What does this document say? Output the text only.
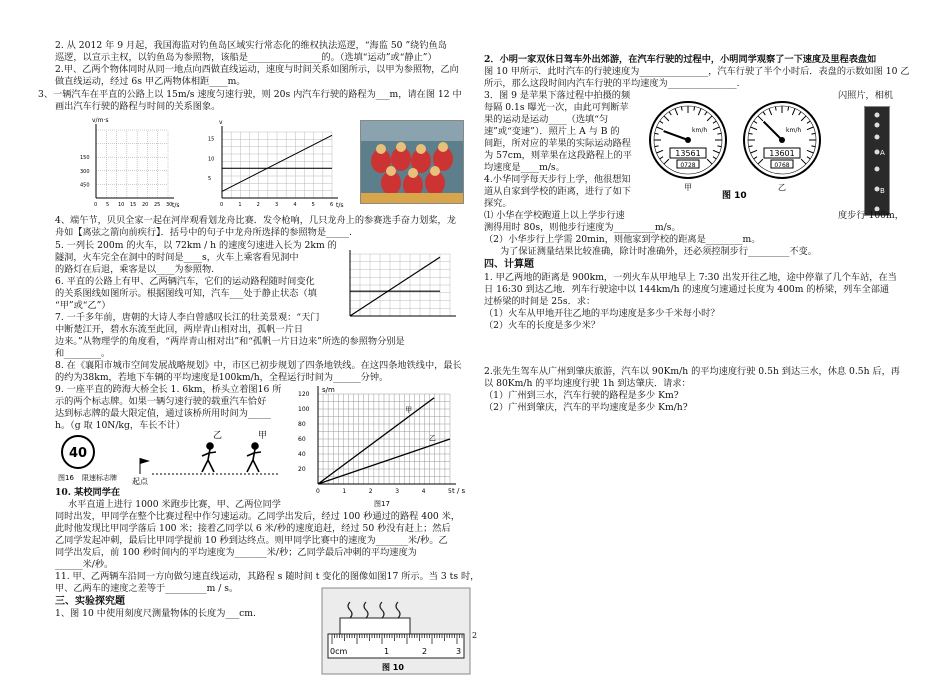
2. 从 2012 年 9 月起，我国海监对钓鱼岛区域实行常态化的维权执法巡逻，“海监 50 ”绕钓鱼岛
巡逻，以宣示主权，以钓鱼岛为参照物，该船是________________的。（选填“运动”或“静止”）
2.甲、乙两个物体同时从同一地点向西做直线运动，速度与时间关系如图所示，以甲为参照物，乙向
做直线运动，经过 6s 甲乙两物体相距____m。
3、一辆汽车在平直的公路上以 15m/s 速度匀速行驶，则 20s 内汽车行驶的路程为___m，请在图 12 中
画出汽车行驶的路程与时间的关系图象。
t/s
v/m·s
450
300
150
0 5 10 15 20 25 30	t/s
v
15
10
5
0	1	2	3	4	5	6
4、端午节，贝贝全家一起在河岸观看划龙舟比赛．发令枪响，几只龙舟上的参赛选手奋力划桨，龙
舟如【离弦之箭向前疾行】．括号中的句子中龙舟所选择的参照物是_____.
5. 一列长 200m 的火车，以 72km / h 的速度匀速进入长为 2km 的
隧洞，火车完全在洞中的时间是____s，火车上乘客看见洞中
的路灯在后退，乘客是以____为参照物.
6. 平直的公路上有甲、乙两辆汽车，它们的运动路程随时间变化
的关系图线如图所示。根据图线可知，汽车___处于静止状态（填
“甲”或“乙”）
7. 一千多年前，唐朝的大诗人李白曾感叹长江的壮美景观：“天门
中断楚江开，碧水东流至此回，两岸青山相对出，孤帆一片日
边来。”从物理学的角度看，“两岸青山相对出”和“孤帆一片日边来”所选的参照物分别是
和________。
8. 在《襄阳市城市空间发展战略规划》中，市区已初步规划了四条地铁线。在这四条地铁线中，最长
的约为38km，若地下车辆的平均速度是100km/h，全程运行时间为______分钟。
9. 一座平直的跨海大桥全长 1. 6km，桥头立着图16 所
示的两个标志牌。如果一辆匀速行驶的载重汽车恰好
达到标志牌的最大限定值，通过该桥所用时间为_____
h。（g 取 10N/kg，车长不计）
40
图16 限速标志牌 起点
乙	甲
甲
乙
s/m
t / s
120
100
80
60
40
20
0	1	2	3	4	5
图17
10. 某校同学在
水平直道上进行 1000 米跑步比赛，甲、乙两位同学
同时出发，甲同学在整个比赛过程中作匀速运动。乙同学出发后，经过 100 秒通过的路程 400 米，
此时他发现比甲同学落后 100 米；接着乙同学以 6 米/秒的速度追赶，经过 50 秒没有赶上；然后
乙同学发起冲刺，最后比甲同学提前 10 秒到达终点。则甲同学比赛中的速度为_______米/秒。乙
同学出发后，前 100 秒时间内的平均速度为_______米/秒；乙同学最后冲刺的平均速度为
______米/秒。
11. 甲、乙两辆车沿同一方向做匀速直线运动，其路程 s 随时间 t 变化的图像如图17 所示。当 3 ts 时，
甲、乙两车的速度之差等于_________m / s。
三、实验探究题
1、图 10 中使用刻度尺测量物体的长度为___cm.
0cm	1	2	3
图 10
2
2．小明一家双休日驾车外出郊游，在汽车行驶的过程中，小明同学观察了一下速度及里程表盘如
图 10 甲所示．此时汽车的行驶速度为_______________，汽车行驶了半个小时后．表盘的示数如图 10 乙
所示，那么这段时间内汽车行驶的平均速度为_______________.
3．图 9 是苹果下落过程中拍摄的频
每隔 0.1s 曝光一次，由此可判断苹
果的运动是运动____（选填“匀
速”或“变速”）．照片上 A 与 B 的
间距，所对应的苹果的实际运动路程
为 57cm，则苹果在这段路程上的平
均速度是____m/s。
闪照片，相机
km/h
13561
0728
甲
km/h
13601
0768
乙
图 10
A
B
4.小华同学每天步行上学，他很想知
道从自家到学校的距离，进行了如下
探究。
⑴ 小华在学校跑道上以上学步行速	度步行 100m，
测得用时 80s，则他步行速度为_________m/s。
（2）小华步行上学需 20min，则他家到学校的距离是________m。
为了保证测量结果比较准确，除计时准确外，还必须控制步行_________不变。
四、计算题
1. 甲乙两地的距离是 900km，一列火车从甲地早上 7:30 出发开往乙地，途中停靠了几个车站，在当
日 16:30 到达乙地．列车行驶途中以 144km/h 的速度匀速通过长度为 400m 的桥梁，列车全部通
过桥梁的时间是 25s．求：
（1）火车从甲地开往乙地的平均速度是多少千米每小时？
（2）火车的长度是多少米？
2.张先生驾车从广州到肇庆旅游，汽车以 90Km/h 的平均速度行驶 0.5h 到达三水，休息 0.5h 后，再
以 80Km/h 的平均速度行驶 1h 到达肇庆．请求：
（1）广州到三水，汽车行驶的路程是多少 Km?
（2）广州到肇庆，汽车的平均速度是多少 Km/h?
